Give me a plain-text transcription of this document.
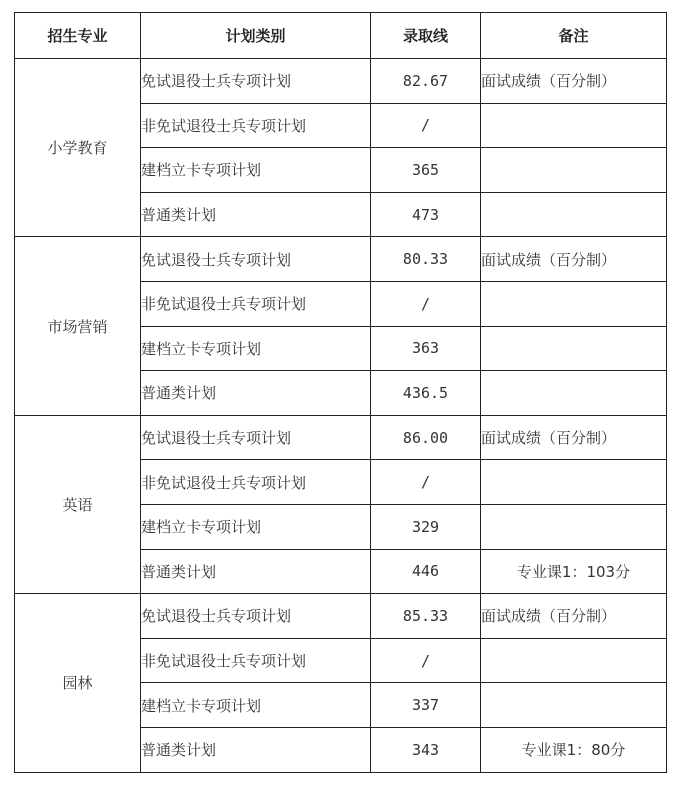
招生专业	计划类别	录取线	备注
小学教育	免试退役士兵专项计划	82.67	面试成绩（百分制）
	非免试退役士兵专项计划	/	
	建档立卡专项计划	365	
	普通类计划	473	
市场营销	免试退役士兵专项计划	80.33	面试成绩（百分制）
	非免试退役士兵专项计划	/	
	建档立卡专项计划	363	
	普通类计划	436.5	
英语	免试退役士兵专项计划	86.00	面试成绩（百分制）
	非免试退役士兵专项计划	/	
	建档立卡专项计划	329	
	普通类计划	446	专业课1：103分
园林	免试退役士兵专项计划	85.33	面试成绩（百分制）
	非免试退役士兵专项计划	/	
	建档立卡专项计划	337	
	普通类计划	343	专业课1：80分
